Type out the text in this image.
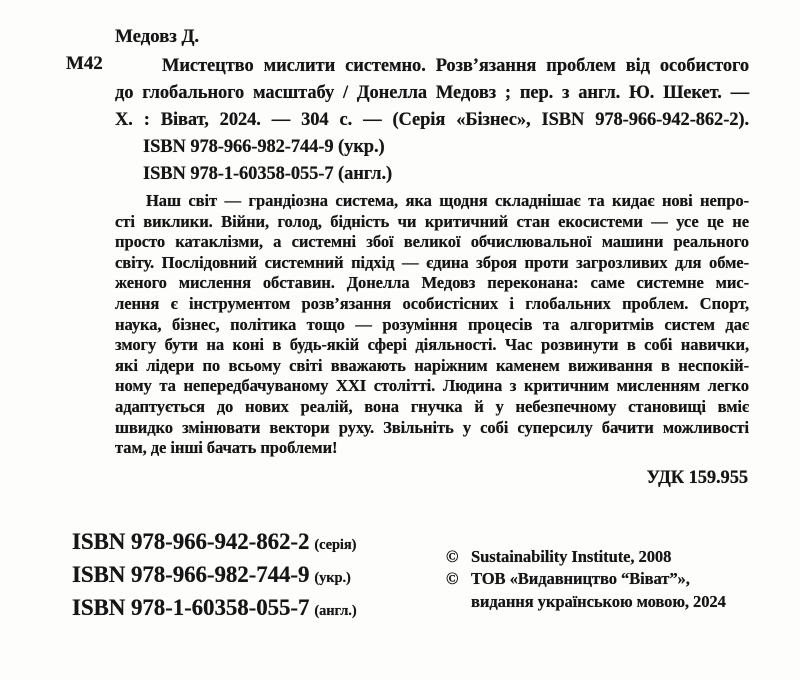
Медовз Д.
М42	Мистецтво мислити системно. Розв’язання проблем від особистого
до глобального масштабу / Донелла Медовз ; пер. з англ. Ю. Шекет. —
Х. : Віват, 2024. — 304 с. — (Серія «Бізнес», ISBN 978-966-942-862-2).
ISBN 978-966-982-744-9 (укр.)
ISBN 978-1-60358-055-7 (англ.)
Наш світ — грандіозна система, яка щодня складнішає та кидає нові непро-
сті виклики. Війни, голод, бідність чи критичний стан екосистеми — усе це не
просто катаклізми, а системні збої великої обчислювальної машини реального
світу. Послідовний системний підхід — єдина зброя проти загрозливих для обме-
женого мислення обставин. Донелла Медовз переконана: саме системне мис-
лення є інструментом розв’язання особистісних і глобальних проблем. Спорт,
наука, бізнес, політика тощо — розуміння процесів та алгоритмів систем дає
змогу бути на коні в будь-якій сфері діяльності. Час розвинути в собі навички,
які лідери по всьому світі вважають наріжним каменем виживання в неспокій-
ному та непередбачуваному ХХІ столітті. Людина з критичним мисленням легко
адаптується до нових реалій, вона гнучка й у небезпечному становищі вміє
швидко змінювати вектори руху. Звільніть у собі суперсилу бачити можливості
там, де інші бачать проблеми!
УДК 159.955
ISBN 978-966-942-862-2 (серія)
ISBN 978-966-982-744-9 (укр.)
ISBN 978-1-60358-055-7 (англ.)
© Sustainability Institute, 2008
© ТОВ «Видавництво “Віват”»,
видання українською мовою, 2024
